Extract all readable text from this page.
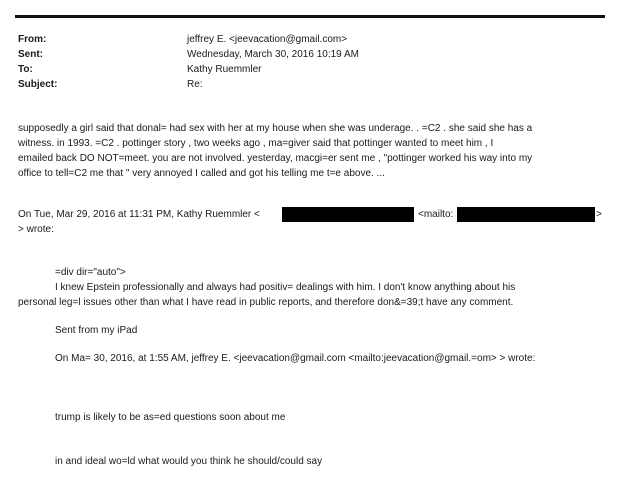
From:	jeffrey E. <jeevacation@gmail.com>
Sent:	Wednesday, March 30, 2016 10:19 AM
To:	Kathy Ruemmler
Subject:	Re:
supposedly a girl said that donal= had sex with her at my house when she was underage. . =C2 . she said she has a
witness. in 1993. =C2 . pottinger story , two weeks ago , ma=giver said that pottinger wanted to meet him , I
emailed back DO NOT=meet. you are not involved. yesterday, macgi=er sent me , "pottinger worked his way into my
office to tell=C2 me that " very annoyed I called and got his telling me t=e above. ...
On Tue, Mar 29, 2016 at 11:31 PM, Kathy Ruemmler <	<mailto:	>
> wrote:
=div dir="auto">
I knew Epstein professionally and always had positiv= dealings with him. I don't know anything about his
personal leg=l issues other than what I have read in public reports, and therefore don&=39;t have any comment.
Sent from my iPad
On Ma= 30, 2016, at 1:55 AM, jeffrey E. <jeevacation@gmail.com <mailto:jeevacation@gmail.=om> > wrote:
trump is likely to be as=ed questions soon about me
in and ideal wo=ld what would you think he should/could say
